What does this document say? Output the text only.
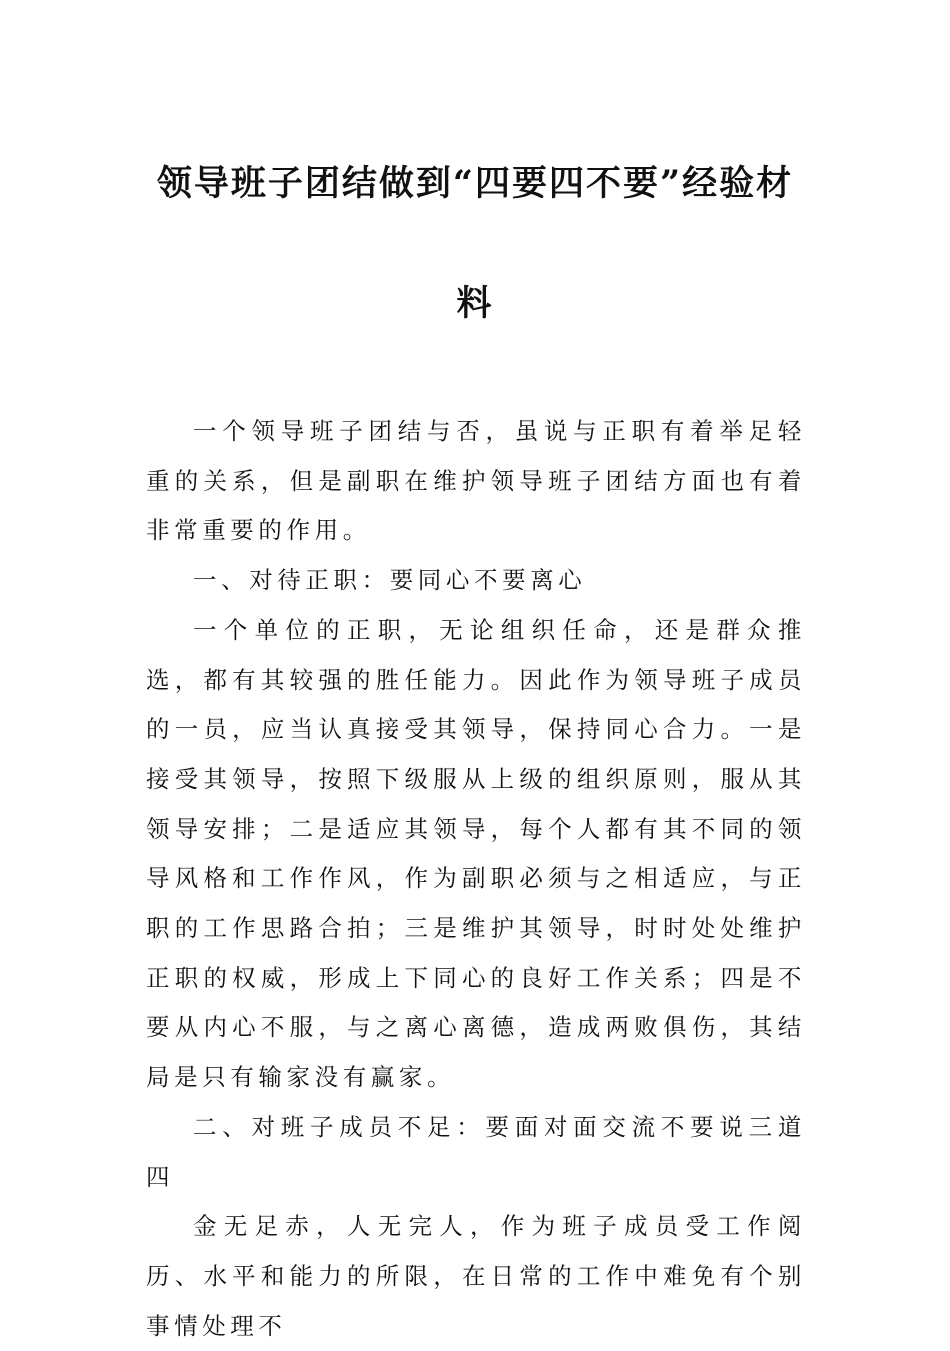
领导班子团结做到“四要四不要”经验材
料

一个领导班子团结与否，虽说与正职有着举足轻重的关系，但是副职在维护领导班子团结方面也有着非常重要的作用。

一、对待正职：要同心不要离心

一个单位的正职，无论组织任命，还是群众推选，都有其较强的胜任能力。因此作为领导班子成员的一员，应当认真接受其领导，保持同心合力。一是接受其领导，按照下级服从上级的组织原则，服从其领导安排；二是适应其领导，每个人都有其不同的领导风格和工作作风，作为副职必须与之相适应，与正职的工作思路合拍；三是维护其领导，时时处处维护正职的权威，形成上下同心的良好工作关系；四是不要从内心不服，与之离心离德，造成两败俱伤，其结局是只有输家没有赢家。

二、对班子成员不足：要面对面交流不要说三道四

金无足赤，人无完人，作为班子成员受工作阅历、水平和能力的所限，在日常的工作中难免有个别事情处理不
